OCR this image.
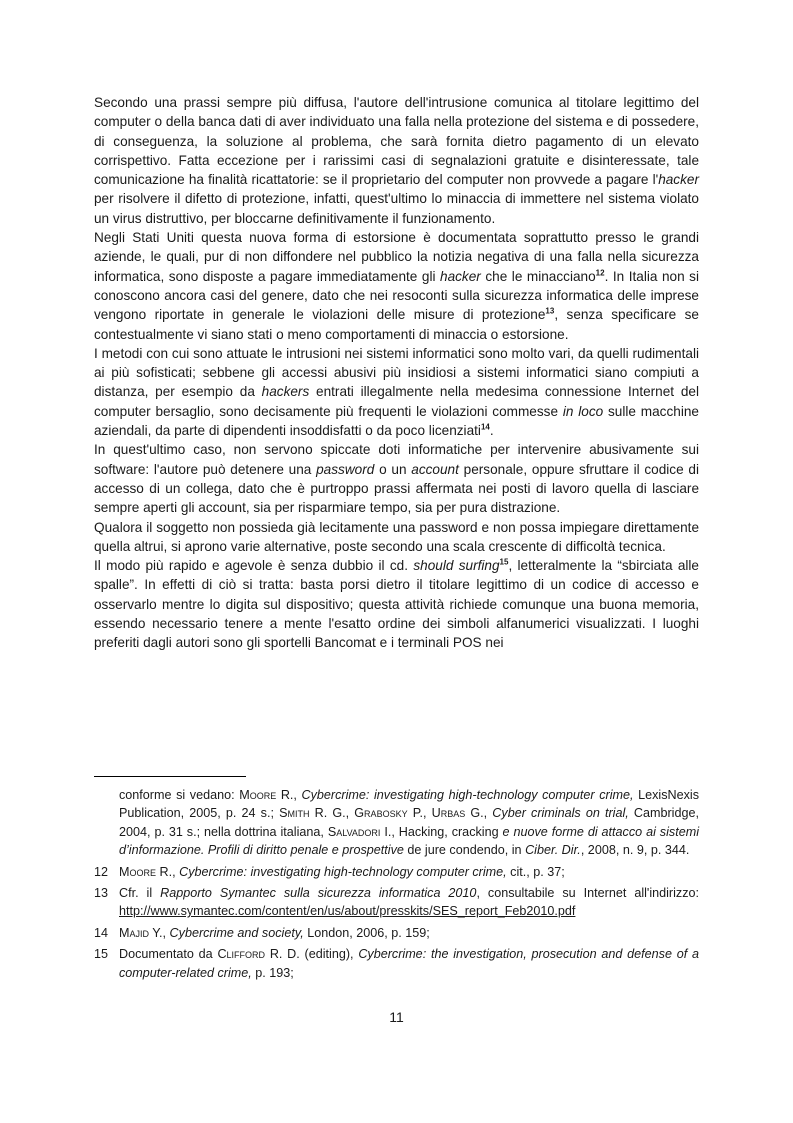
Secondo una prassi sempre più diffusa, l'autore dell'intrusione comunica al titolare legittimo del computer o della banca dati di aver individuato una falla nella protezione del sistema e di possedere, di conseguenza, la soluzione al problema, che sarà fornita dietro pagamento di un elevato corrispettivo. Fatta eccezione per i rarissimi casi di segnalazioni gratuite e disinteressate, tale comunicazione ha finalità ricattatorie: se il proprietario del computer non provvede a pagare l'hacker per risolvere il difetto di protezione, infatti, quest'ultimo lo minaccia di immettere nel sistema violato un virus distruttivo, per bloccarne definitivamente il funzionamento.

Negli Stati Uniti questa nuova forma di estorsione è documentata soprattutto presso le grandi aziende, le quali, pur di non diffondere nel pubblico la notizia negativa di una falla nella sicurezza informatica, sono disposte a pagare immediatamente gli hacker che le minacciano$^{12}$. In Italia non si conoscono ancora casi del genere, dato che nei resoconti sulla sicurezza informatica delle imprese vengono riportate in generale le violazioni delle misure di protezione$^{13}$, senza specificare se contestualmente vi siano stati o meno comportamenti di minaccia o estorsione.

I metodi con cui sono attuate le intrusioni nei sistemi informatici sono molto vari, da quelli rudimentali ai più sofisticati; sebbene gli accessi abusivi più insidiosi a sistemi informatici siano compiuti a distanza, per esempio da hackers entrati illegalmente nella medesima connessione Internet del computer bersaglio, sono decisamente più frequenti le violazioni commesse in loco sulle macchine aziendali, da parte di dipendenti insoddisfatti o da poco licenziati$^{14}$.

In quest'ultimo caso, non servono spiccate doti informatiche per intervenire abusivamente sui software: l'autore può detenere una password o un account personale, oppure sfruttare il codice di accesso di un collega, dato che è purtroppo prassi affermata nei posti di lavoro quella di lasciare sempre aperti gli account, sia per risparmiare tempo, sia per pura distrazione.

Qualora il soggetto non possieda già lecitamente una password e non possa impiegare direttamente quella altrui, si aprono varie alternative, poste secondo una scala crescente di difficoltà tecnica.

Il modo più rapido e agevole è senza dubbio il cd. should surfing$^{15}$, letteralmente la “sbirciata alle spalle”. In effetti di ciò si tratta: basta porsi dietro il titolare legittimo di un codice di accesso e osservarlo mentre lo digita sul dispositivo; questa attività richiede comunque una buona memoria, essendo necessario tenere a mente l'esatto ordine dei simboli alfanumerici visualizzati. I luoghi preferiti dagli autori sono gli sportelli Bancomat e i terminali POS nei

conforme si vedano: Moore R., Cybercrime: investigating high-technology computer crime, LexisNexis Publication, 2005, p. 24 s.; Smith R. G., Grabosky P., Urbas G., Cyber criminals on trial, Cambridge, 2004, p. 31 s.; nella dottrina italiana, Salvadori I., Hacking, cracking e nuove forme di attacco ai sistemi d’informazione. Profili di diritto penale e prospettive de jure condendo, in Ciber. Dir., 2008, n. 9, p. 344.

12 Moore R., Cybercrime: investigating high-technology computer crime, cit., p. 37;

13 Cfr. il Rapporto Symantec sulla sicurezza informatica 2010, consultabile su Internet all'indirizzo: http://www.symantec.com/content/en/us/about/presskits/SES_report_Feb2010.pdf

14 Majid Y., Cybercrime and society, London, 2006, p. 159;

15 Documentato da Clifford R. D. (editing), Cybercrime: the investigation, prosecution and defense of a computer-related crime, p. 193;

11
